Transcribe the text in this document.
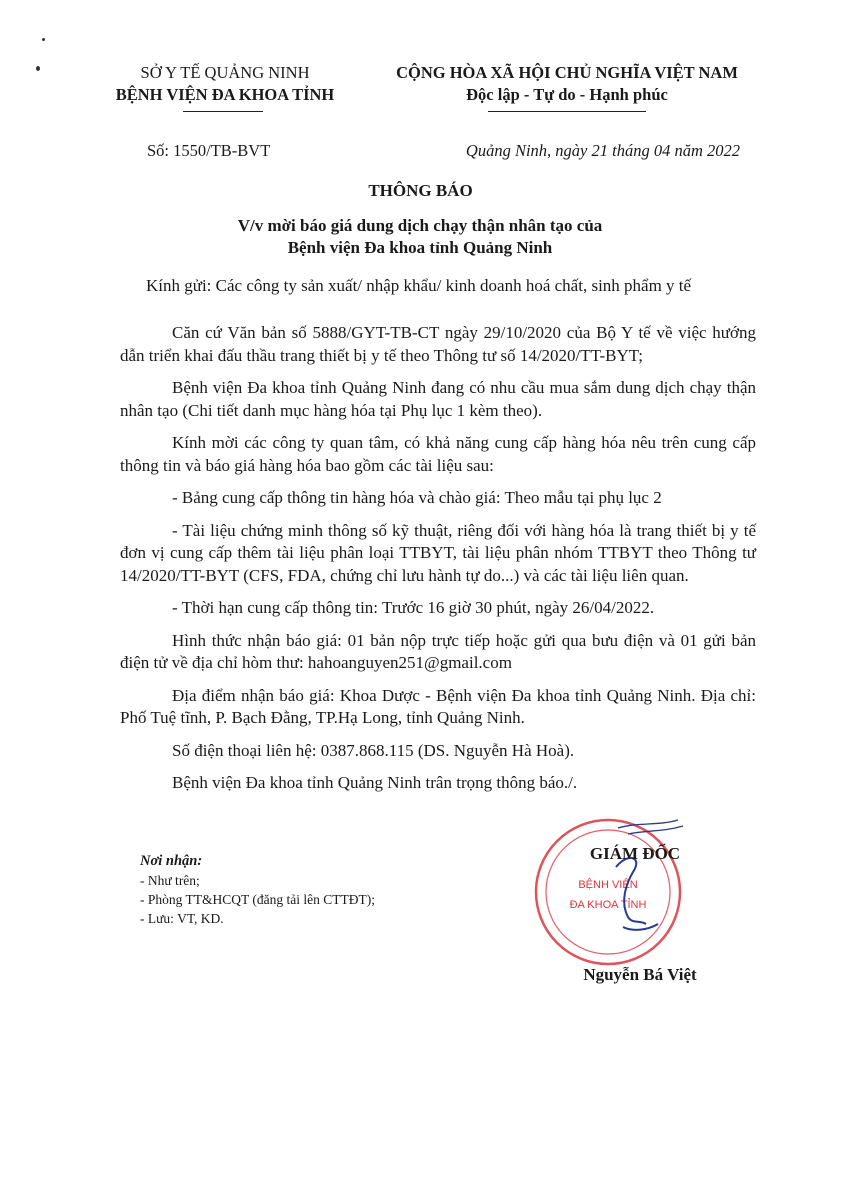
SỞ Y TẾ QUẢNG NINH
BỆNH VIỆN ĐA KHOA TỈNH
CỘNG HÒA XÃ HỘI CHỦ NGHĨA VIỆT NAM
Độc lập - Tự do - Hạnh phúc
Số: 1550/TB-BVT	Quảng Ninh, ngày 21 tháng 04 năm 2022
THÔNG BÁO
V/v mời báo giá dung dịch chạy thận nhân tạo của
Bệnh viện Đa khoa tỉnh Quảng Ninh
Kính gửi: Các công ty sản xuất/ nhập khẩu/ kinh doanh hoá chất, sinh phẩm y tế

Căn cứ Văn bản số 5888/GYT-TB-CT ngày 29/10/2020 của Bộ Y tế về việc hướng dẫn triển khai đấu thầu trang thiết bị y tế theo Thông tư số 14/2020/TT-BYT;

Bệnh viện Đa khoa tỉnh Quảng Ninh đang có nhu cầu mua sắm dung dịch chạy thận nhân tạo (Chi tiết danh mục hàng hóa tại Phụ lục 1 kèm theo).

Kính mời các công ty quan tâm, có khả năng cung cấp hàng hóa nêu trên cung cấp thông tin và báo giá hàng hóa bao gồm các tài liệu sau:

- Bảng cung cấp thông tin hàng hóa và chào giá: Theo mẫu tại phụ lục 2

- Tài liệu chứng minh thông số kỹ thuật, riêng đối với hàng hóa là trang thiết bị y tế đơn vị cung cấp thêm tài liệu phân loại TTBYT, tài liệu phân nhóm TTBYT theo Thông tư 14/2020/TT-BYT (CFS, FDA, chứng chỉ lưu hành tự do...) và các tài liệu liên quan.

- Thời hạn cung cấp thông tin: Trước 16 giờ 30 phút, ngày 26/04/2022.

Hình thức nhận báo giá: 01 bản nộp trực tiếp hoặc gửi qua bưu điện và 01 gửi bản điện tử về địa chỉ hòm thư: hahoanguyen251@gmail.com

Địa điểm nhận báo giá: Khoa Dược - Bệnh viện Đa khoa tỉnh Quảng Ninh. Địa chỉ: Phố Tuệ tĩnh, P. Bạch Đằng, TP.Hạ Long, tỉnh Quảng Ninh.

Số điện thoại liên hệ: 0387.868.115 (DS. Nguyễn Hà Hoà).

Bệnh viện Đa khoa tỉnh Quảng Ninh trân trọng thông báo./.

Nơi nhận:
- Như trên;
- Phòng TT&HCQT (đăng tải lên CTTĐT);
- Lưu: VT, KD.
BỆNH VIỆN
ĐA KHOA TỈNH
GIÁM ĐỐC
Nguyễn Bá Việt
